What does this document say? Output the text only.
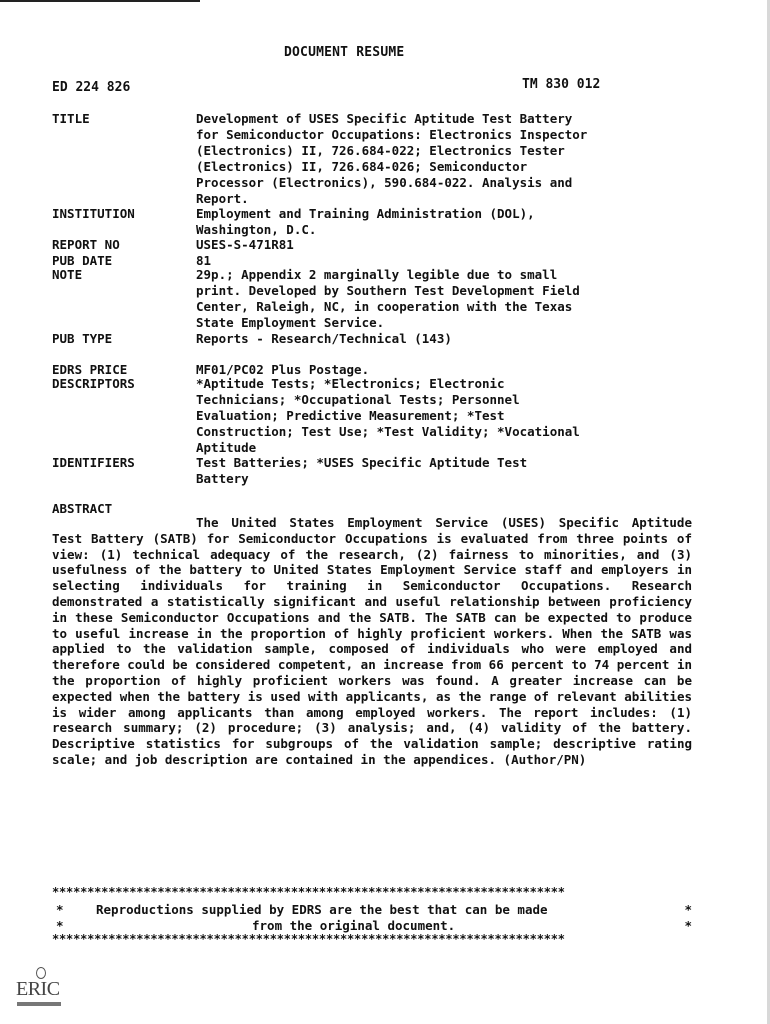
DOCUMENT RESUME
ED 224 826	TM 830 012
TITLE	Development of USES Specific Aptitude Test Battery
for Semiconductor Occupations: Electronics Inspector
(Electronics) II, 726.684-022; Electronics Tester
(Electronics) II, 726.684-026; Semiconductor
Processor (Electronics), 590.684-022. Analysis and
Report.
INSTITUTION	Employment and Training Administration (DOL),
Washington, D.C.
REPORT NO	USES-S-471R81
PUB DATE	81
NOTE	29p.; Appendix 2 marginally legible due to small
print. Developed by Southern Test Development Field
Center, Raleigh, NC, in cooperation with the Texas
State Employment Service.
PUB TYPE	Reports - Research/Technical (143)
EDRS PRICE	MF01/PC02 Plus Postage.
DESCRIPTORS	*Aptitude Tests; *Electronics; Electronic
Technicians; *Occupational Tests; Personnel
Evaluation; Predictive Measurement; *Test
Construction; Test Use; *Test Validity; *Vocational
Aptitude
IDENTIFIERS	Test Batteries; *USES Specific Aptitude Test
Battery
ABSTRACT
The United States Employment Service (USES) Specific Aptitude Test Battery (SATB) for Semiconductor Occupations is evaluated from three points of view: (1) technical adequacy of the research, (2) fairness to minorities, and (3) usefulness of the battery to United States Employment Service staff and employers in selecting individuals for training in Semiconductor Occupations. Research demonstrated a statistically significant and useful relationship between proficiency in these Semiconductor Occupations and the SATB. The SATB can be expected to produce to useful increase in the proportion of highly proficient workers. When the SATB was applied to the validation sample, composed of individuals who were employed and therefore could be considered competent, an increase from 66 percent to 74 percent in the proportion of highly proficient workers was found. A greater increase can be expected when the battery is used with applicants, as the range of relevant abilities is wider among applicants than among employed workers. The report includes: (1) research summary; (2) procedure; (3) analysis; and, (4) validity of the battery. Descriptive statistics for subgroups of the validation sample; descriptive rating scale; and job description are contained in the appendices. (Author/PN)
*************************************************************************
*	Reproductions supplied by EDRS are the best that can be made	*
*	from the original document.	*
*************************************************************************
ERIC
